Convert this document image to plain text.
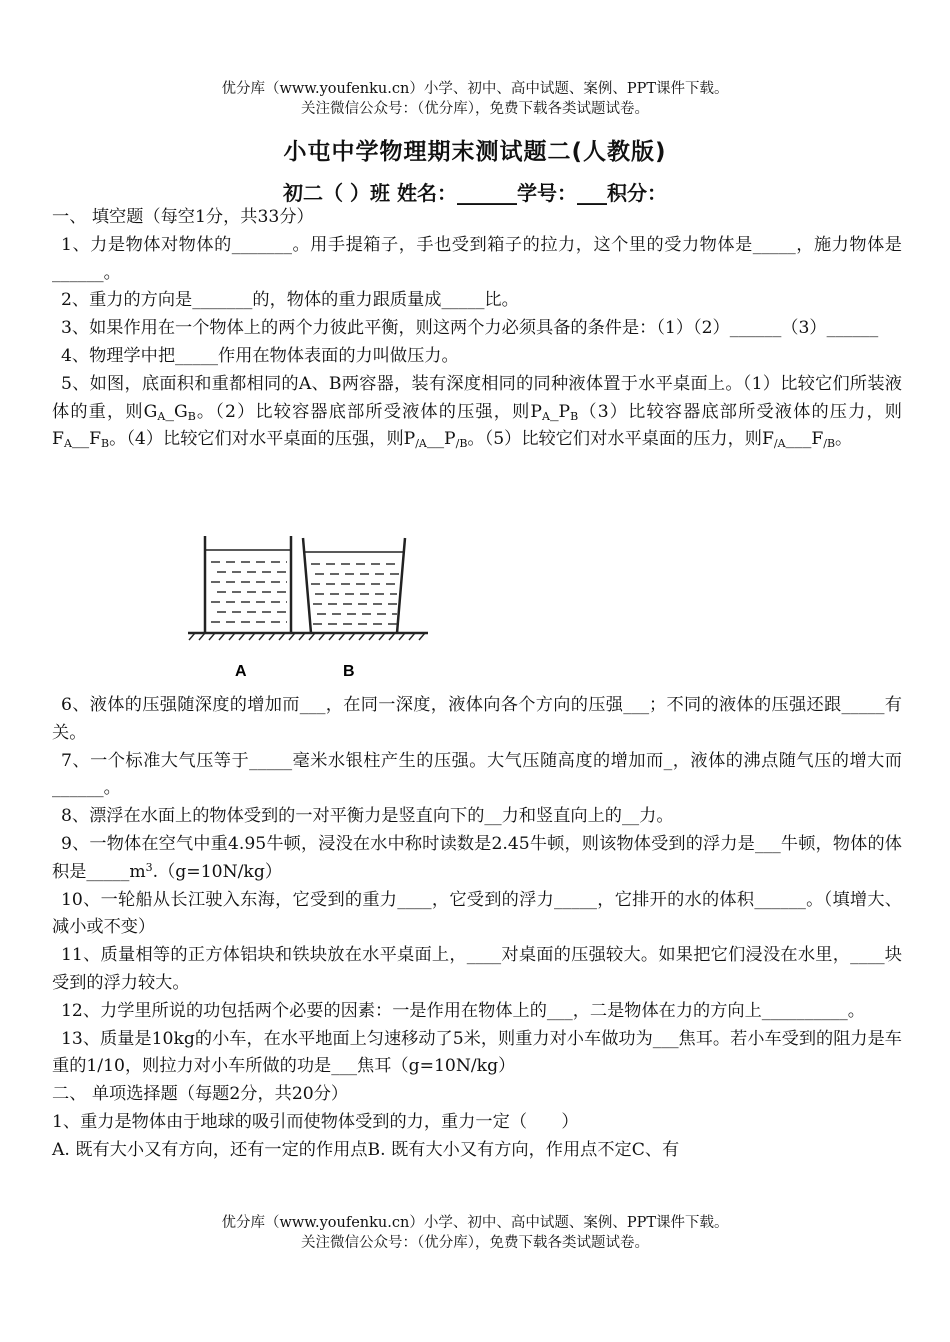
优分库（www.youfenku.cn）小学、初中、高中试题、案例、PPT课件下载。
关注微信公众号：（优分库），免费下载各类试题试卷。
小屯中学物理期末测试题二(人教版)
初二（ ）班 姓名：______学号：___积分：

一、 填空题（每空1分，共33分）

1、力是物体对物体的_______。用手提箱子，手也受到箱子的拉力，这个里的受力物体是_____，施力物体是______。

2、重力的方向是_______的，物体的重力跟质量成_____比。

3、如果作用在一个物体上的两个力彼此平衡，则这两个力必须具备的条件是：（1）（2）______（3）______

4、物理学中把_____作用在物体表面的力叫做压力。

5、如图，底面积和重都相同的A、B两容器，装有深度相同的同种液体置于水平桌面上。（1）比较它们所装液体的重，则$G_A\_G_B$。（2）比较容器底部所受液体的压强，则$P_A\_P_B(3)$比较容器底部所受液体的压力，则$F_A\_\_F_B$。（4）比较它们对水平桌面的压强，则$P_{/A}\_\_P_{/B}$。（5）比较它们对水平桌面的压力，则$F_{/A}\_\_\_F_{/B}$。

A	B

6、液体的压强随深度的增加而___，在同一深度，液体向各个方向的压强___；不同的液体的压强还跟_____有关。

7、一个标准大气压等于_____毫米水银柱产生的压强。大气压随高度的增加而_，液体的沸点随气压的增大而______。

8、漂浮在水面上的物体受到的一对平衡力是竖直向下的__力和竖直向上的__力。

9、一物体在空气中重4.95牛顿，浸没在水中称时读数是2.45牛顿，则该物体受到的浮力是___牛顿，物体的体积是$\_\_\_\_\_m^3.(g=10N/kg)$

10、一轮船从长江驶入东海，它受到的重力____，它受到的浮力_____，它排开的水的体积______。（填增大、减小或不变）

11、质量相等的正方体铝块和铁块放在水平桌面上，____对桌面的压强较大。如果把它们浸没在水里，____块受到的浮力较大。

12、力学里所说的功包括两个必要的因素：一是作用在物体上的___，二是物体在力的方向上__________。

13、质量是10kg的小车，在水平地面上匀速移动了5米，则重力对小车做功为___焦耳。若小车受到的阻力是车重的1/10，则拉力对小车所做的功是___焦耳（g=10N/kg）

二、 单项选择题（每题2分，共20分）

1、重力是物体由于地球的吸引而使物体受到的力，重力一定（　　）

A. 既有大小又有方向，还有一定的作用点B. 既有大小又有方向，作用点不定C、有

优分库（www.youfenku.cn）小学、初中、高中试题、案例、PPT课件下载。
关注微信公众号：（优分库），免费下载各类试题试卷。
